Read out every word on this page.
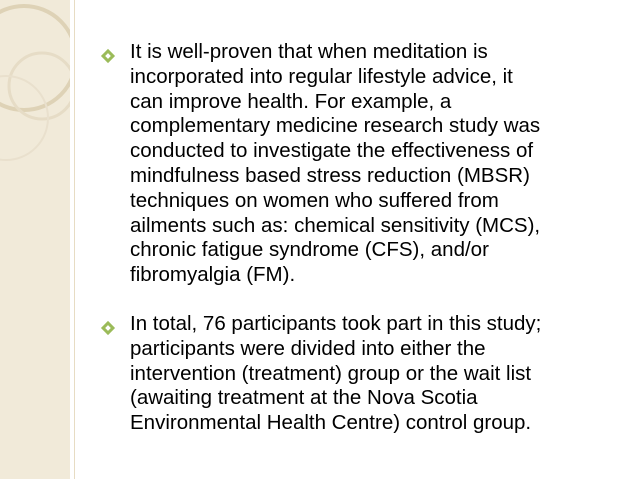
It is well-proven that when meditation is
incorporated into regular lifestyle advice, it
can improve health. For example, a
complementary medicine research study was
conducted to investigate the effectiveness of
mindfulness based stress reduction (MBSR)
techniques on women who suffered from
ailments such as: chemical sensitivity (MCS),
chronic fatigue syndrome (CFS), and/or
fibromyalgia (FM).
In total, 76 participants took part in this study;
participants were divided into either the
intervention (treatment) group or the wait list
(awaiting treatment at the Nova Scotia
Environmental Health Centre) control group.
